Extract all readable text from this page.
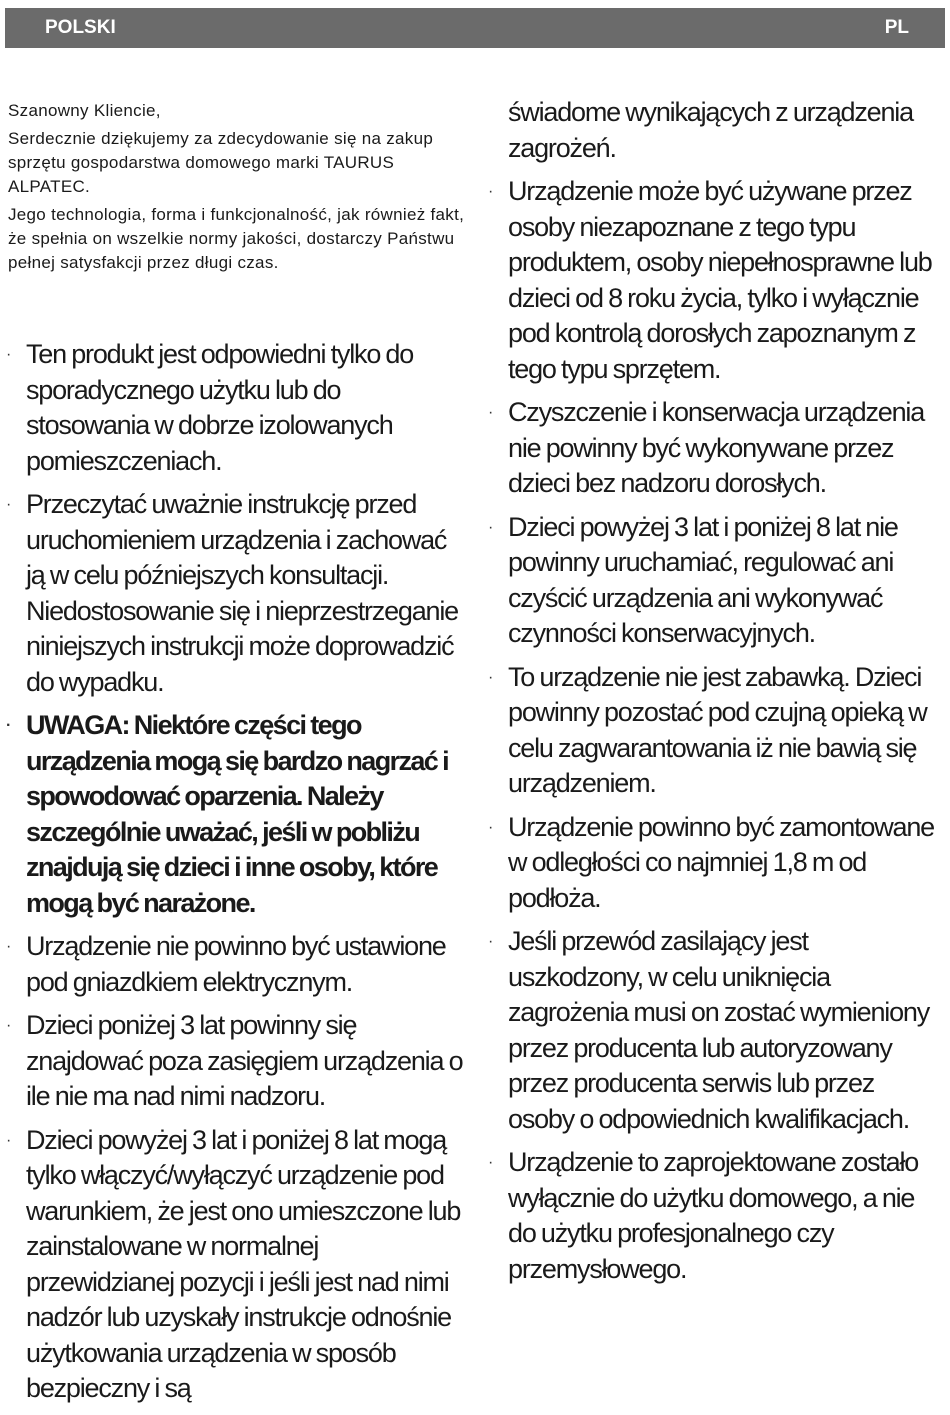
POLSKI	PL

Szanowny Kliencie,

Serdecznie dziękujemy za zdecydowanie się na zakup sprzętu gospodarstwa domowego marki TAURUS ALPATEC.

Jego technologia, forma i funkcjonalność, jak również fakt, że spełnia on wszelkie normy jakości, dostarczy Państwu pełnej satysfakcji przez długi czas.

· Ten produkt jest odpowiedni tylko do sporadycznego użytku lub do stosowania w dobrze izolowanych pomieszczeniach.
· Przeczytać uważnie instrukcję przed uruchomieniem urządzenia i zachować ją w celu późniejszych konsultacji. Niedostosowanie się i nieprzestrzeganie niniejszych instrukcji może doprowadzić do wypadku.
· UWAGA: Niektóre części tego urządzenia mogą się bardzo nagrzać i spowodować oparzenia. Należy szczególnie uważać, jeśli w pobliżu znajdują się dzieci i inne osoby, które mogą być narażone.
· Urządzenie nie powinno być ustawione pod gniazdkiem elektrycznym.
· Dzieci poniżej 3 lat powinny się znajdować poza zasięgiem urządzenia o ile nie ma nad nimi nadzoru.
· Dzieci powyżej 3 lat i poniżej 8 lat mogą tylko włączyć/wyłączyć urządzenie pod warunkiem, że jest ono umieszczone lub zainstalowane w normalnej przewidzianej pozycji i jeśli jest nad nimi nadzór lub uzyskały instrukcje odnośnie użytkowania urządzenia w sposób bezpieczny i są
świadome wynikających z urządzenia zagrożeń.
· Urządzenie może być używane przez osoby niezapoznane z tego typu produktem, osoby niepełnosprawne lub dzieci od 8 roku życia, tylko i wyłącznie pod kontrolą dorosłych zapoznanym z tego typu sprzętem.
· Czyszczenie i konserwacja urządzenia nie powinny być wykonywane przez dzieci bez nadzoru dorosłych.
· Dzieci powyżej 3 lat i poniżej 8 lat nie powinny uruchamiać, regulować ani czyścić urządzenia ani wykonywać czynności konserwacyjnych.
· To urządzenie nie jest zabawką. Dzieci powinny pozostać pod czujną opieką w celu zagwarantowania iż nie bawią się urządzeniem.
· Urządzenie powinno być zamontowane w odległości co najmniej 1,8 m od podłoża.
· Jeśli przewód zasilający jest uszkodzony, w celu uniknięcia zagrożenia musi on zostać wymieniony przez producenta lub autoryzowany przez producenta serwis lub przez osoby o odpowiednich kwalifikacjach.
· Urządzenie to zaprojektowane zostało wyłącznie do użytku domowego, a nie do użytku profesjonalnego czy przemysłowego.
